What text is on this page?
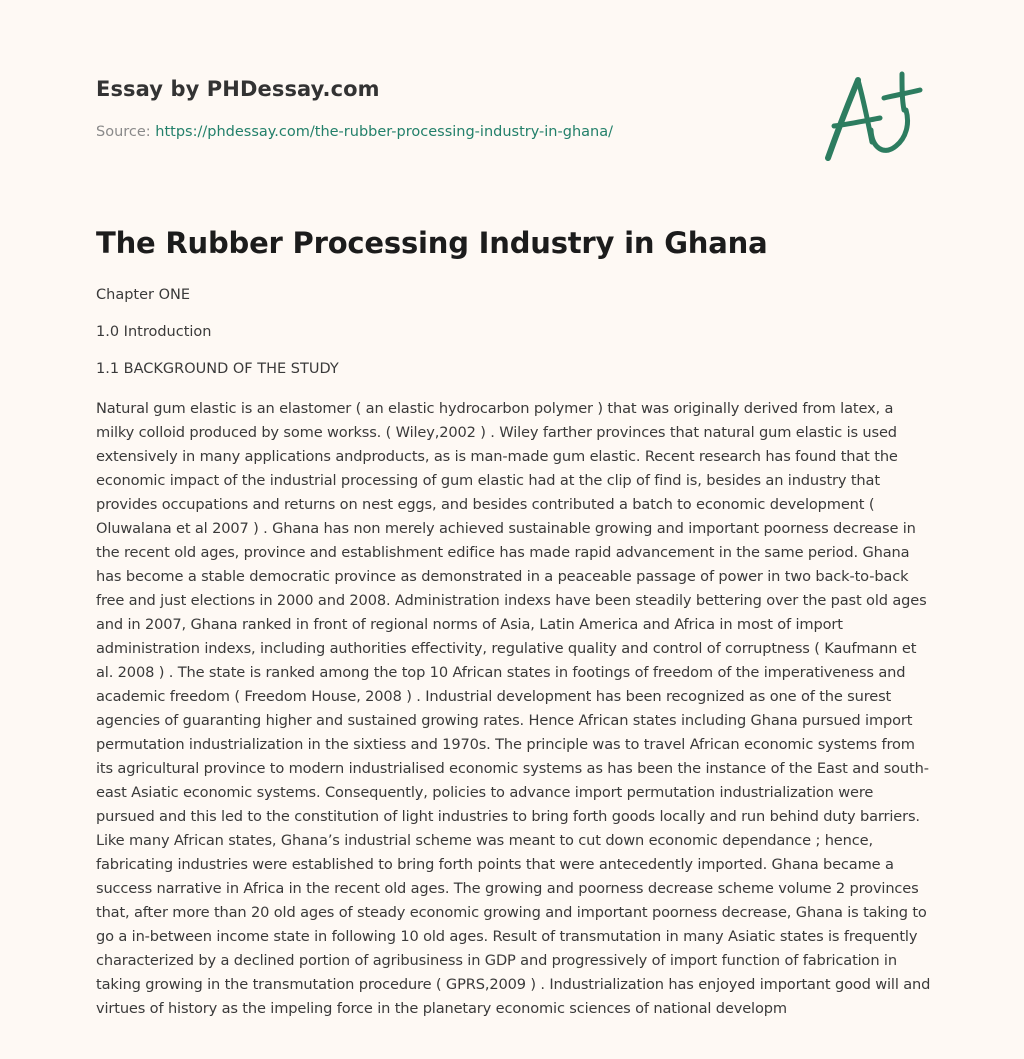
Essay by PHDessay.com
Source: https://phdessay.com/the-rubber-processing-industry-in-ghana/
The Rubber Processing Industry in Ghana

Chapter ONE

1.0 Introduction

1.1 BACKGROUND OF THE STUDY

Natural gum elastic is an elastomer ( an elastic hydrocarbon polymer ) that was originally derived from latex, a milky colloid produced by some workss. ( Wiley,2002 ) . Wiley farther provinces that natural gum elastic is used extensively in many applications andproducts, as is man-made gum elastic. Recent research has found that the economic impact of the industrial processing of gum elastic had at the clip of find is, besides an industry that provides occupations and returns on nest eggs, and besides contributed a batch to economic development ( Oluwalana et al 2007 ) . Ghana has non merely achieved sustainable growing and important poorness decrease in the recent old ages, province and establishment edifice has made rapid advancement in the same period. Ghana has become a stable democratic province as demonstrated in a peaceable passage of power in two back-to-back free and just elections in 2000 and 2008. Administration indexs have been steadily bettering over the past old ages and in 2007, Ghana ranked in front of regional norms of Asia, Latin America and Africa in most of import administration indexs, including authorities effectivity, regulative quality and control of corruptness ( Kaufmann et al. 2008 ) . The state is ranked among the top 10 African states in footings of freedom of the imperativeness and academic freedom ( Freedom House, 2008 ) . Industrial development has been recognized as one of the surest agencies of guaranting higher and sustained growing rates. Hence African states including Ghana pursued import permutation industrialization in the sixtiess and 1970s. The principle was to travel African economic systems from its agricultural province to modern industrialised economic systems as has been the instance of the East and south-east Asiatic economic systems. Consequently, policies to advance import permutation industrialization were pursued and this led to the constitution of light industries to bring forth goods locally and run behind duty barriers. Like many African states, Ghana’s industrial scheme was meant to cut down economic dependance ; hence, fabricating industries were established to bring forth points that were antecedently imported. Ghana became a success narrative in Africa in the recent old ages. The growing and poorness decrease scheme volume 2 provinces that, after more than 20 old ages of steady economic growing and important poorness decrease, Ghana is taking to go a in-between income state in following 10 old ages. Result of transmutation in many Asiatic states is frequently characterized by a declined portion of agribusiness in GDP and progressively of import function of fabrication in taking growing in the transmutation procedure ( GPRS,2009 ) . Industrialization has enjoyed important good will and virtues of history as the impeling force in the planetary economic sciences of national developm
